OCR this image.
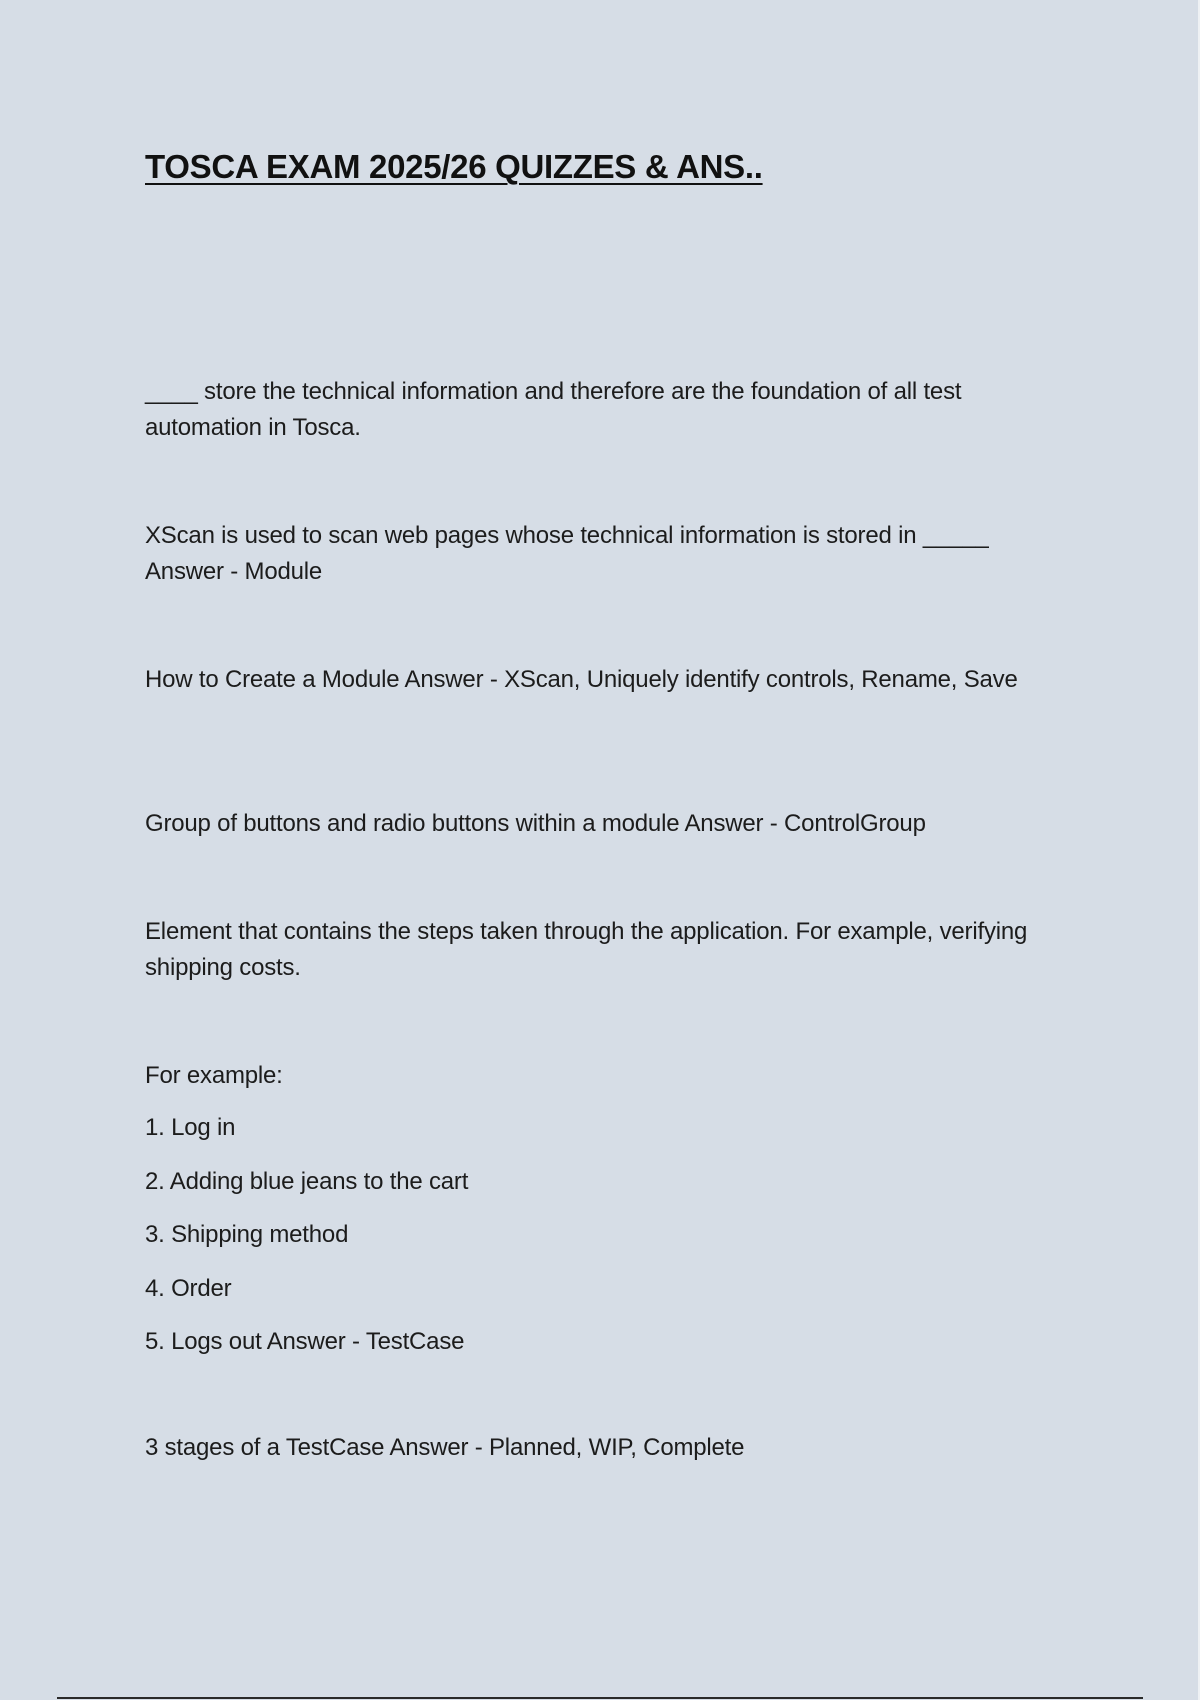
TOSCA EXAM 2025/26 QUIZZES & ANS..

____ store the technical information and therefore are the foundation of all test automation in Tosca.

XScan is used to scan web pages whose technical information is stored in _____ Answer - Module

How to Create a Module Answer - XScan, Uniquely identify controls, Rename, Save

Group of buttons and radio buttons within a module Answer - ControlGroup

Element that contains the steps taken through the application. For example, verifying shipping costs.

For example:

1. Log in
2. Adding blue jeans to the cart
3. Shipping method
4. Order
5. Logs out Answer - TestCase

3 stages of a TestCase Answer - Planned, WIP, Complete
